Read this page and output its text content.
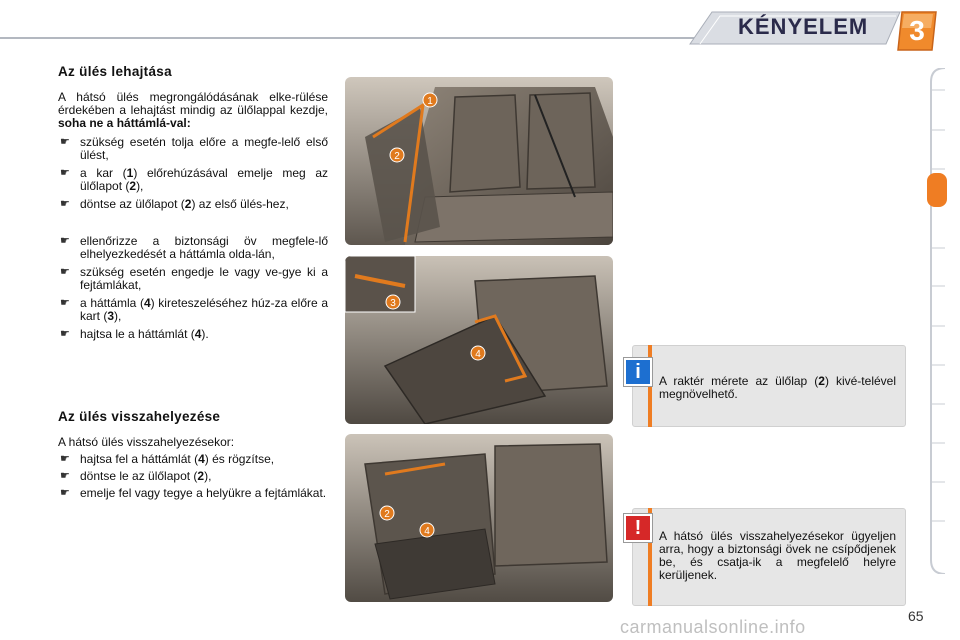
KÉNYELEM	3
Az ülés lehajtása

A hátsó ülés megrongálódásának elke-rülése érdekében a lehajtást mindig az ülőlappal kezdje, soha ne a háttámlá-val:

☛ szükség esetén tolja előre a megfe-lelő első ülést,
☛ a kar (1) előrehúzásával emelje meg az ülőlapot (2),
☛ döntse az ülőlapot (2) az első ülés-hez,
☛ ellenőrizze a biztonsági öv megfele-lő elhelyezkedését a háttámla olda-lán,
☛ szükség esetén engedje le vagy ve-gye ki a fejtámlákat,
☛ a háttámla (4) kireteszeléséhez húz-za előre a kart (3),
☛ hajtsa le a háttámlát (4).
Az ülés visszahelyezése

A hátsó ülés visszahelyezésekor:

☛ hajtsa fel a háttámlát (4) és rögzítse,
☛ döntse le az ülőlapot (2),
☛ emelje fel vagy tegye a helyükre a fejtámlákat.
1
2
3
4
2
4
i	A raktér mérete az ülőlap (2) kivé-telével megnövelhető.
!	A hátsó ülés visszahelyezésekor ügyeljen arra, hogy a biztonsági övek ne csípődjenek be, és csatja-ik a megfelelő helyre kerüljenek.
65
carmanualsonline.info
